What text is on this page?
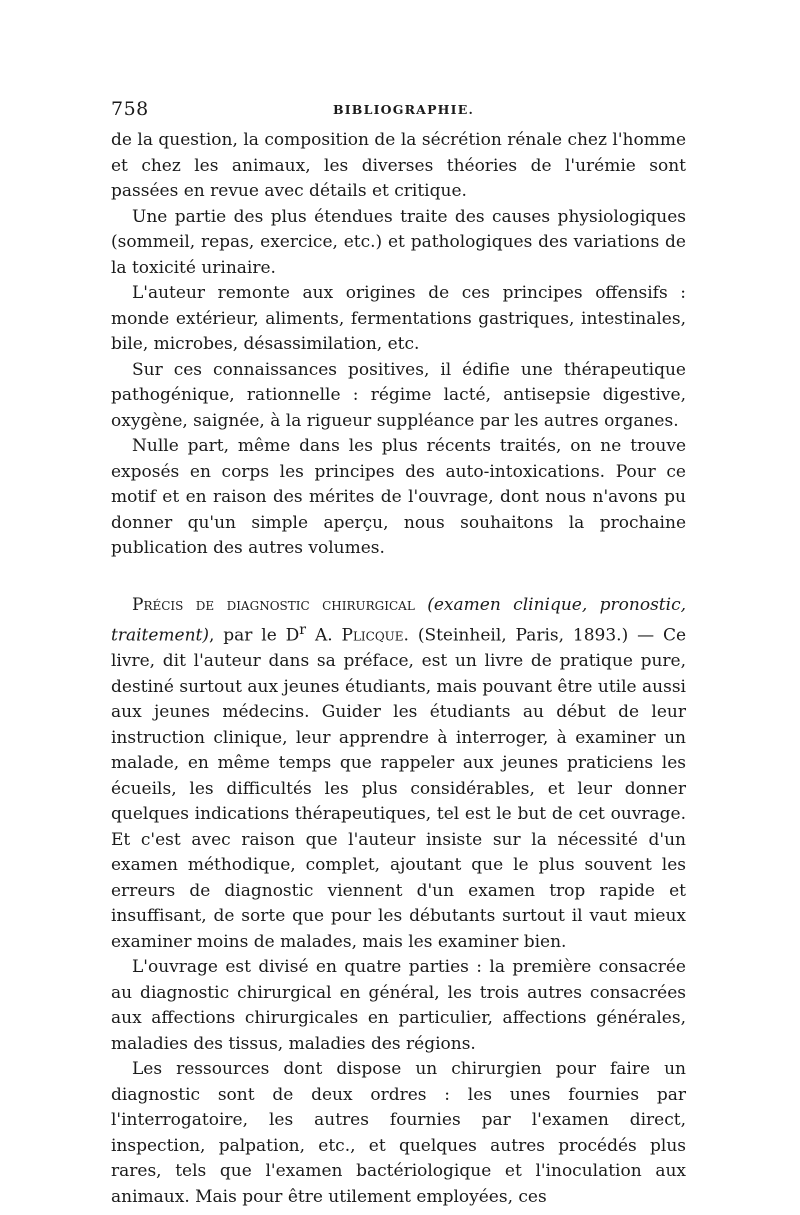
758	BIBLIOGRAPHIE.

de la question, la composition de la sécrétion rénale chez l'homme et chez les animaux, les diverses théories de l'urémie sont passées en revue avec détails et critique.

Une partie des plus étendues traite des causes physiologiques (sommeil, repas, exercice, etc.) et pathologiques des variations de la toxicité urinaire.

L'auteur remonte aux origines de ces principes offensifs : monde extérieur, aliments, fermentations gastriques, intestinales, bile, microbes, désassimilation, etc.

Sur ces connaissances positives, il édifie une thérapeutique pathogénique, rationnelle : régime lacté, antisepsie digestive, oxygène, saignée, à la rigueur suppléance par les autres organes.

Nulle part, même dans les plus récents traités, on ne trouve exposés en corps les principes des auto-intoxications. Pour ce motif et en raison des mérites de l'ouvrage, dont nous n'avons pu donner qu'un simple aperçu, nous souhaitons la prochaine publication des autres volumes.

Précis de diagnostic chirurgical (examen clinique, pronostic, traitement), par le $D^r$ A. Plicque. (Steinheil, Paris, 1893.) — Ce livre, dit l'auteur dans sa préface, est un livre de pratique pure, destiné surtout aux jeunes étudiants, mais pouvant être utile aussi aux jeunes médecins. Guider les étudiants au début de leur instruction clinique, leur apprendre à interroger, à examiner un malade, en même temps que rappeler aux jeunes praticiens les écueils, les difficultés les plus considérables, et leur donner quelques indications thérapeutiques, tel est le but de cet ouvrage. Et c'est avec raison que l'auteur insiste sur la nécessité d'un examen méthodique, complet, ajoutant que le plus souvent les erreurs de diagnostic viennent d'un examen trop rapide et insuffisant, de sorte que pour les débutants surtout il vaut mieux examiner moins de malades, mais les examiner bien.

L'ouvrage est divisé en quatre parties : la première consacrée au diagnostic chirurgical en général, les trois autres consacrées aux affections chirurgicales en particulier, affections générales, maladies des tissus, maladies des régions.

Les ressources dont dispose un chirurgien pour faire un diagnostic sont de deux ordres : les unes fournies par l'interrogatoire, les autres fournies par l'examen direct, inspection, palpation, etc., et quelques autres procédés plus rares, tels que l'examen bactériologique et l'inoculation aux animaux. Mais pour être utilement employées, ces
